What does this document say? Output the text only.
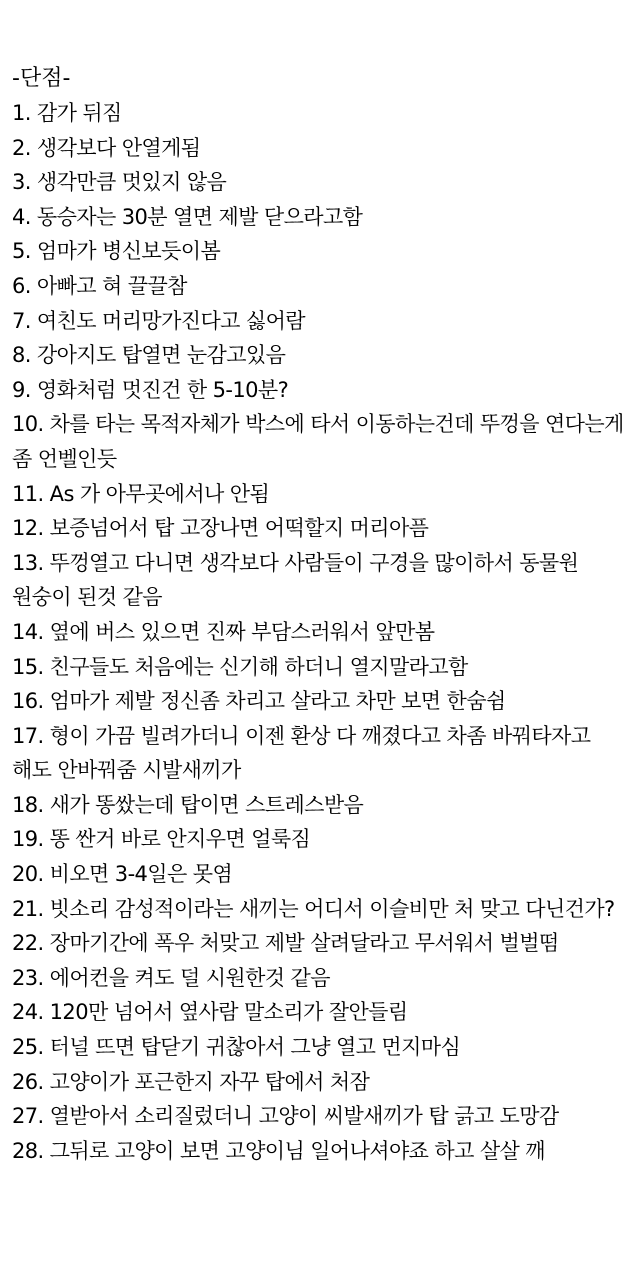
-단점-
1. 감가 뒤짐
2. 생각보다 안열게됨
3. 생각만큼 멋있지 않음
4. 동승자는 30분 열면 제발 닫으라고함
5. 엄마가 병신보듯이봄
6. 아빠고 혀 끌끌참
7. 여친도 머리망가진다고 싫어람
8. 강아지도 탑열면 눈감고있음
9. 영화처럼 멋진건 한 5-10분?
10. 차를 타는 목적자체가 박스에 타서 이동하는건데 뚜껑을 연다는게 좀 언벨인듯
11. As 가 아무곳에서나 안됨
12. 보증넘어서 탑 고장나면 어떡할지 머리아픔
13. 뚜껑열고 다니면 생각보다 사람들이 구경을 많이하서 동물원 원숭이 된것 같음
14. 옆에 버스 있으면 진짜 부담스러워서 앞만봄
15. 친구들도 처음에는 신기해 하더니 열지말라고함
16. 엄마가 제발 정신좀 차리고 살라고 차만 보면 한숨쉼
17. 형이 가끔 빌려가더니 이젠 환상 다 깨졌다고 차좀 바꿔타자고 해도 안바꿔줌 시발새끼가
18. 새가 똥쌌는데 탑이면 스트레스받음
19. 똥 싼거 바로 안지우면 얼룩짐
20. 비오면 3-4일은 못염
21. 빗소리 감성적이라는 새끼는 어디서 이슬비만 처 맞고 다닌건가?
22. 장마기간에 폭우 처맞고 제발 살려달라고 무서워서 벌벌떰
23. 에어컨을 켜도 덜 시원한것 같음
24. 120만 넘어서 옆사람 말소리가 잘안들림
25. 터널 뜨면 탑닫기 귀찮아서 그냥 열고 먼지마심
26. 고양이가 포근한지 자꾸 탑에서 처잠
27. 열받아서 소리질렀더니 고양이 씨발새끼가 탑 긁고 도망감
28. 그뒤로 고양이 보면 고양이님 일어나셔야죠 하고 살살 깨
